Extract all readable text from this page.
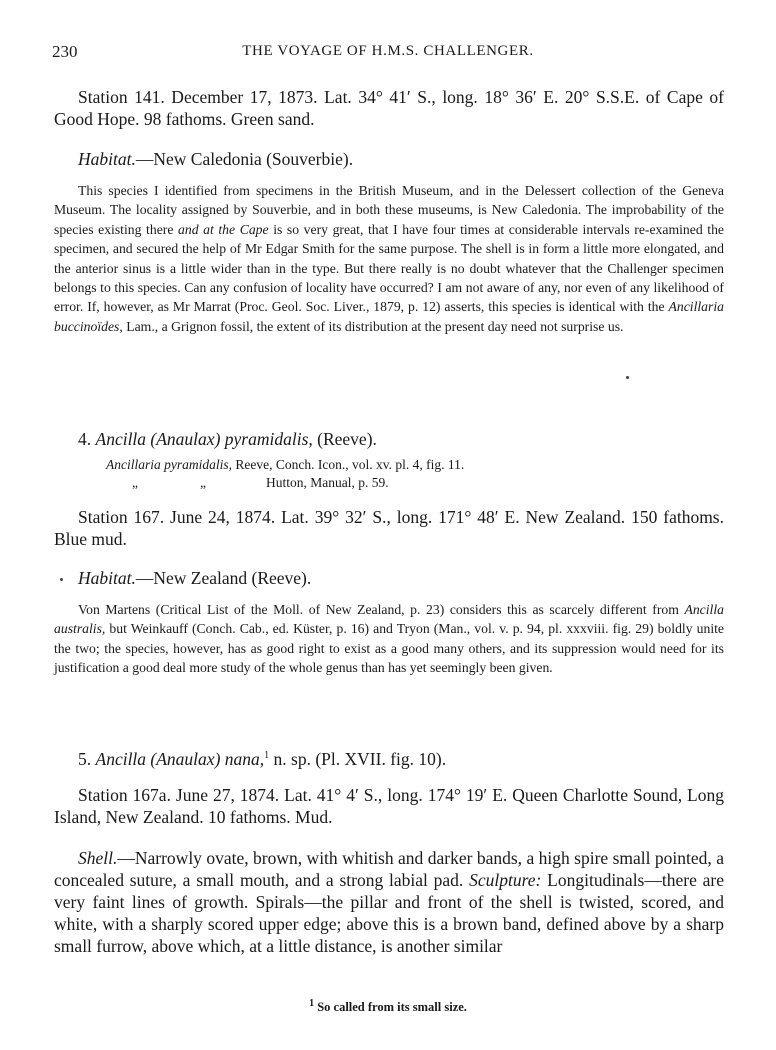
230	THE VOYAGE OF H.M.S. CHALLENGER.

Station 141. December 17, 1873. Lat. 34° 41′ S., long. 18° 36′ E. 20° S.S.E. of Cape of Good Hope. 98 fathoms. Green sand.

Habitat.—New Caledonia (Souverbie).

This species I identified from specimens in the British Museum, and in the Delessert collection of the Geneva Museum. The locality assigned by Souverbie, and in both these museums, is New Caledonia. The improbability of the species existing there and at the Cape is so very great, that I have four times at considerable intervals re-examined the specimen, and secured the help of Mr Edgar Smith for the same purpose. The shell is in form a little more elongated, and the anterior sinus is a little wider than in the type. But there really is no doubt whatever that the Challenger specimen belongs to this species. Can any confusion of locality have occurred? I am not aware of any, nor even of any likelihood of error. If, however, as Mr Marrat (Proc. Geol. Soc. Liver., 1879, p. 12) asserts, this species is identical with the Ancillaria buccinoïdes, Lam., a Grignon fossil, the extent of its distribution at the present day need not surprise us.

4. Ancilla (Anaulax) pyramidalis, (Reeve).
Ancillaria pyramidalis, Reeve, Conch. Icon., vol. xv. pl. 4, fig. 11.
„	„	Hutton, Manual, p. 59.

Station 167. June 24, 1874. Lat. 39° 32′ S., long. 171° 48′ E. New Zealand. 150 fathoms. Blue mud.

Habitat.—New Zealand (Reeve).

Von Martens (Critical List of the Moll. of New Zealand, p. 23) considers this as scarcely different from Ancilla australis, but Weinkauff (Conch. Cab., ed. Küster, p. 16) and Tryon (Man., vol. v. p. 94, pl. xxxviii. fig. 29) boldly unite the two; the species, however, has as good right to exist as a good many others, and its suppression would need for its justification a good deal more study of the whole genus than has yet seemingly been given.

5. Ancilla (Anaulax) nana,$^1$ n. sp. (Pl. XVII. fig. 10).

Station 167a. June 27, 1874. Lat. 41° 4′ S., long. 174° 19′ E. Queen Charlotte Sound, Long Island, New Zealand. 10 fathoms. Mud.

Shell.—Narrowly ovate, brown, with whitish and darker bands, a high spire small pointed, a concealed suture, a small mouth, and a strong labial pad. Sculpture: Longitudinals—there are very faint lines of growth. Spirals—the pillar and front of the shell is twisted, scored, and white, with a sharply scored upper edge; above this is a brown band, defined above by a sharp small furrow, above which, at a little distance, is another similar

$^1$ So called from its small size.
